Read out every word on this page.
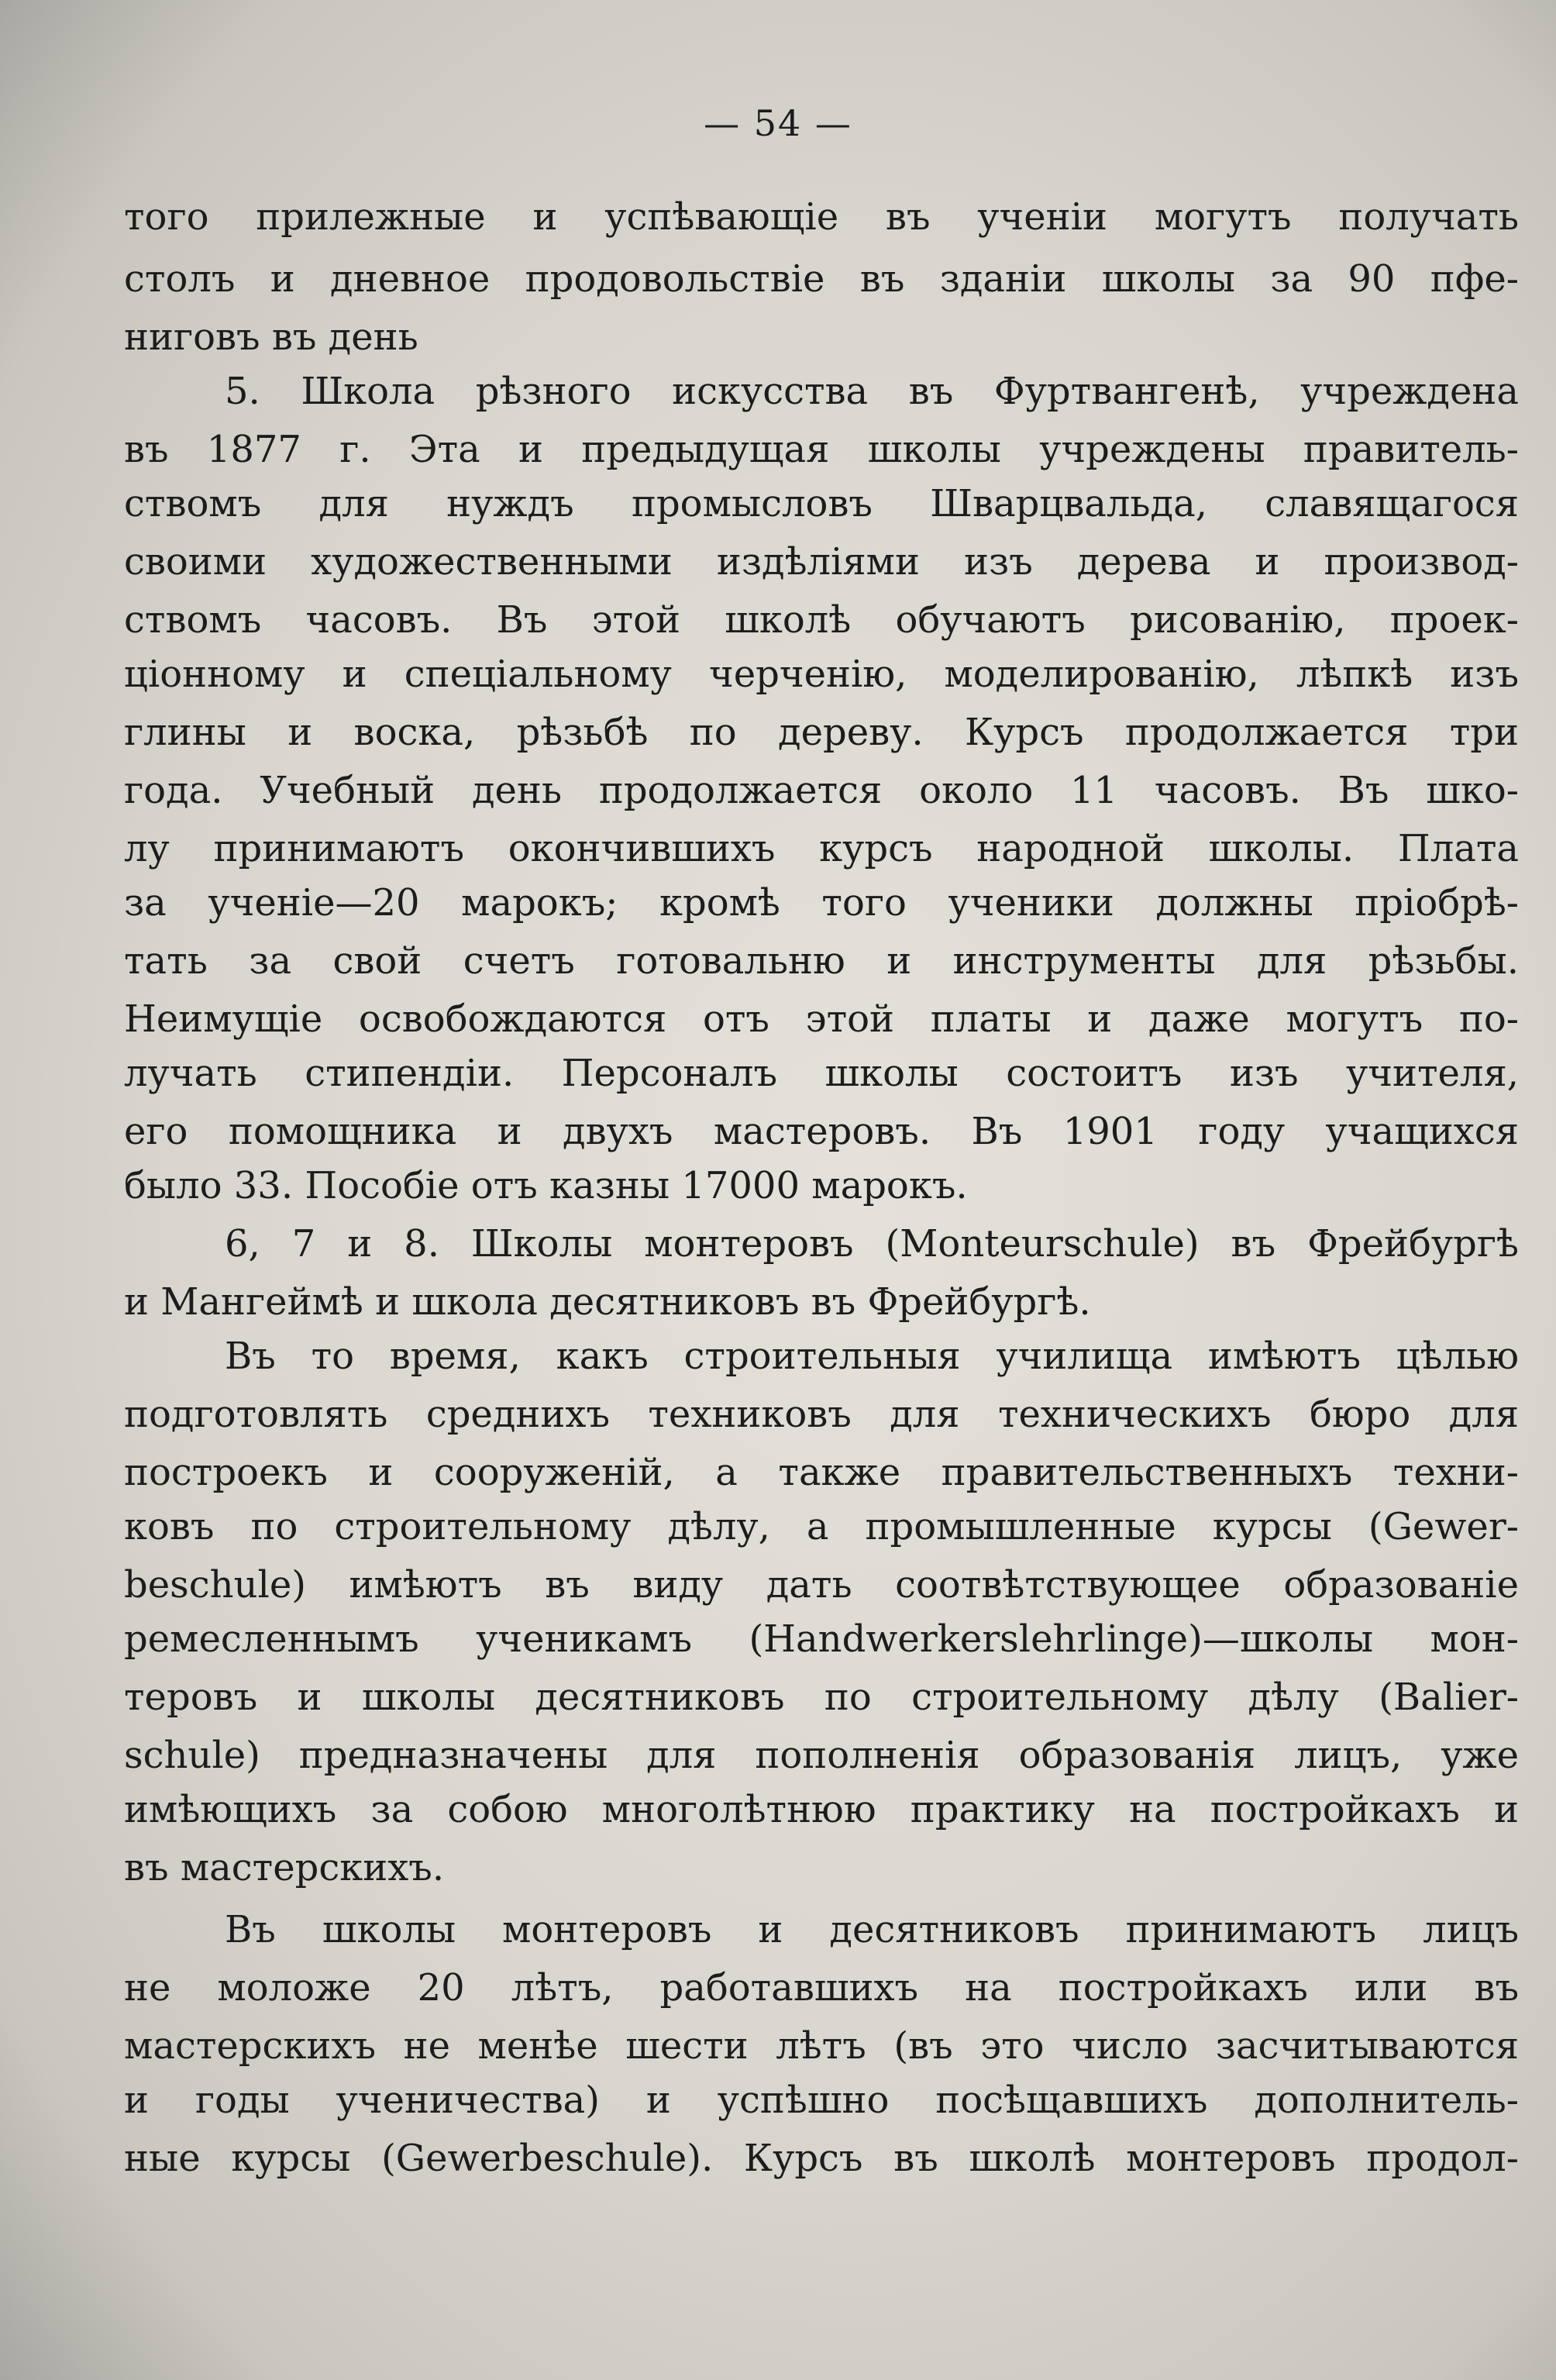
— 54 —
того прилежные и успѣвающіе въ ученіи могутъ получать
столъ и дневное продовольствіе въ зданіи школы за 90 пфе-
ниговъ въ день
5. Школа рѣзного искусства въ Фуртвангенѣ, учреждена
въ 1877 г. Эта и предыдущая школы учреждены правитель-
ствомъ для нуждъ промысловъ Шварцвальда, славящагося
своими художественными издѣліями изъ дерева и производ-
ствомъ часовъ. Въ этой школѣ обучаютъ рисованію, проек-
ціонному и спеціальному черченію, моделированію, лѣпкѣ изъ
глины и воска, рѣзьбѣ по дереву. Курсъ продолжается три
года. Учебный день продолжается около 11 часовъ. Въ шко-
лу принимаютъ окончившихъ курсъ народной школы. Плата
за ученіе—20 марокъ; кромѣ того ученики должны пріобрѣ-
тать за свой счетъ готовальню и инструменты для рѣзьбы.
Неимущіе освобождаются отъ этой платы и даже могутъ по-
лучать стипендіи. Персоналъ школы состоитъ изъ учителя,
его помощника и двухъ мастеровъ. Въ 1901 году учащихся
было 33. Пособіе отъ казны 17000 марокъ.
6, 7 и 8. Школы монтеровъ (Monteurschule) въ Фрейбургѣ
и Мангеймѣ и школа десятниковъ въ Фрейбургѣ.
Въ то время, какъ строительныя училища имѣютъ цѣлью
подготовлять среднихъ техниковъ для техническихъ бюро для
построекъ и сооруженій, а также правительственныхъ техни-
ковъ по строительному дѣлу, а промышленные курсы (Gewer-
beschule) имѣютъ въ виду дать соотвѣтствующее образованіе
ремесленнымъ ученикамъ (Handwerkerslehrlinge)—школы мон-
теровъ и школы десятниковъ по строительному дѣлу (Balier-
schule) предназначены для пополненія образованія лицъ, уже
имѣющихъ за собою многолѣтнюю практику на постройкахъ и
въ мастерскихъ.
Въ школы монтеровъ и десятниковъ принимаютъ лицъ
не моложе 20 лѣтъ, работавшихъ на постройкахъ или въ
мастерскихъ не менѣе шести лѣтъ (въ это число засчитываются
и годы ученичества) и успѣшно посѣщавшихъ дополнитель-
ные курсы (Gewerbeschule). Курсъ въ школѣ монтеровъ продол-
